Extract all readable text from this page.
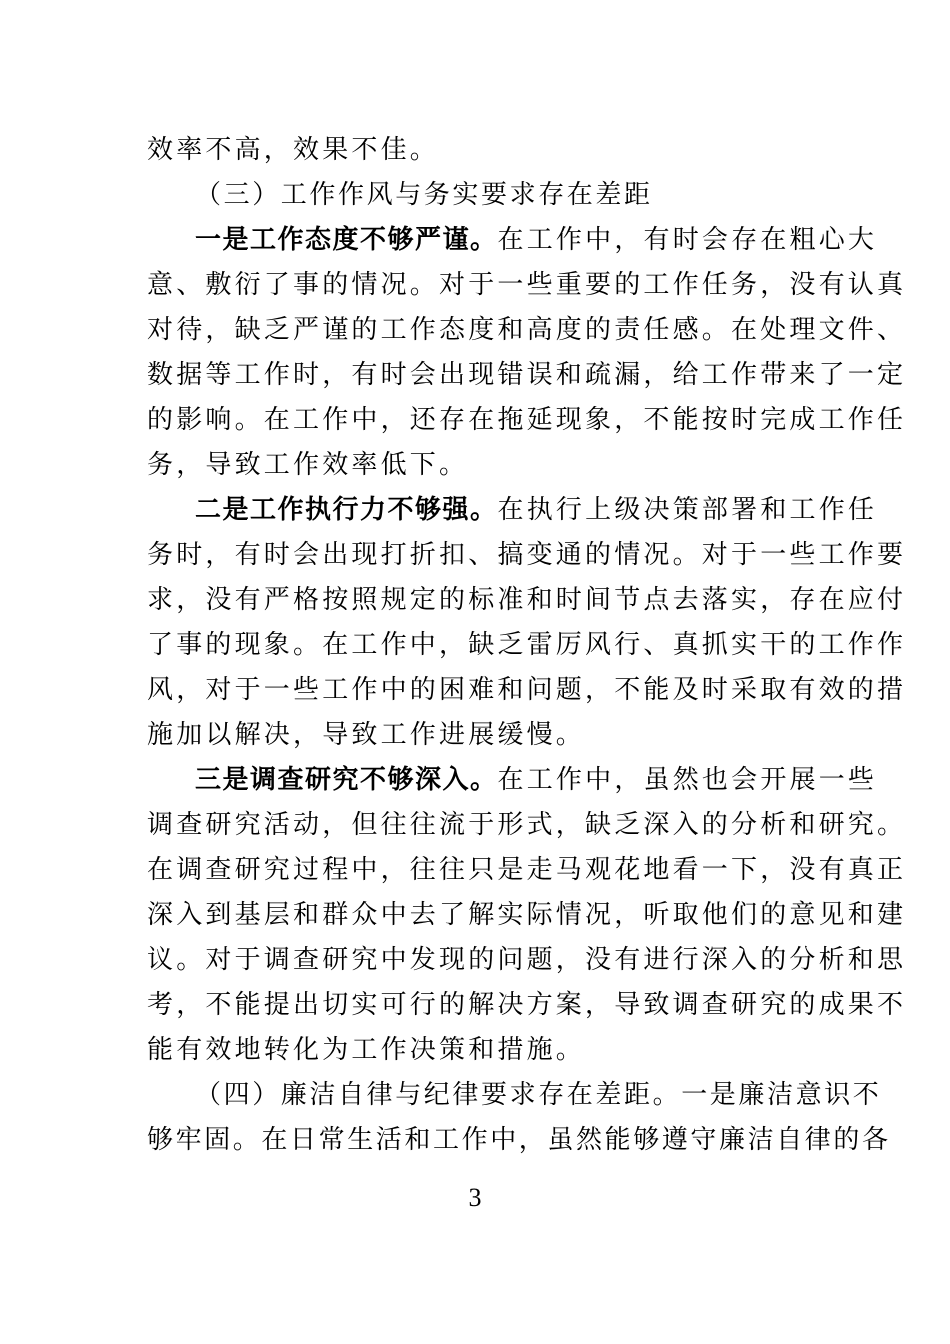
效率不高，效果不佳。
（三）工作作风与务实要求存在差距
一是工作态度不够严谨。在工作中，有时会存在粗心大
意、敷衍了事的情况。对于一些重要的工作任务，没有认真
对待，缺乏严谨的工作态度和高度的责任感。在处理文件、
数据等工作时，有时会出现错误和疏漏，给工作带来了一定
的影响。在工作中，还存在拖延现象，不能按时完成工作任
务，导致工作效率低下。
二是工作执行力不够强。在执行上级决策部署和工作任
务时，有时会出现打折扣、搞变通的情况。对于一些工作要
求，没有严格按照规定的标准和时间节点去落实，存在应付
了事的现象。在工作中，缺乏雷厉风行、真抓实干的工作作
风，对于一些工作中的困难和问题，不能及时采取有效的措
施加以解决，导致工作进展缓慢。
三是调查研究不够深入。在工作中，虽然也会开展一些
调查研究活动，但往往流于形式，缺乏深入的分析和研究。
在调查研究过程中，往往只是走马观花地看一下，没有真正
深入到基层和群众中去了解实际情况，听取他们的意见和建
议。对于调查研究中发现的问题，没有进行深入的分析和思
考，不能提出切实可行的解决方案，导致调查研究的成果不
能有效地转化为工作决策和措施。
（四）廉洁自律与纪律要求存在差距。一是廉洁意识不
够牢固。在日常生活和工作中，虽然能够遵守廉洁自律的各
3
